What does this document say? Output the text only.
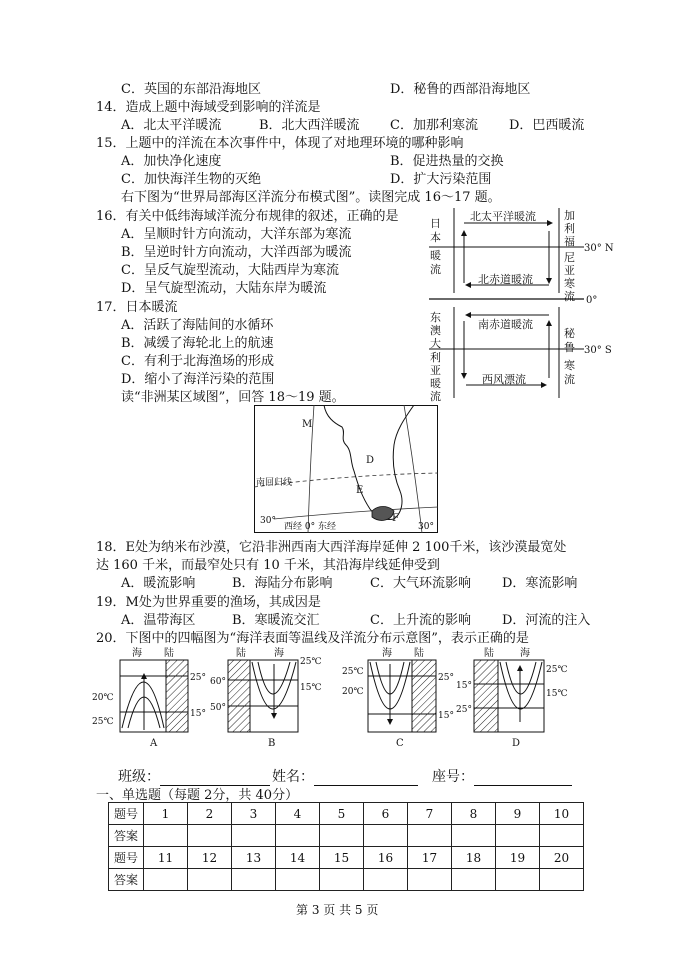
C．英国的东部沿海地区	D．秘鲁的西部沿海地区
14．造成上题中海域受到影响的洋流是
A．北太平洋暖流	B．北大西洋暖流 C．加那利寒流 D．巴西暖流
15．上题中的洋流在本次事件中，体现了对地理环境的哪种影响
A．加快净化速度	B．促进热量的交换
C．加快海洋生物的灭绝	D．扩大污染范围
右下图为“世界局部海区洋流分布模式图”。读图完成 16～17 题。
16．有关中低纬海域洋流分布规律的叙述，正确的是
A．呈顺时针方向流动，大洋东部为寒流
B．呈逆时针方向流动，大洋西部为暖流
C．呈反气旋型流动，大陆西岸为寒流
D．呈气旋型流动，大陆东岸为暖流
17．日本暖流
A．活跃了海陆间的水循环
B．减缓了海轮北上的航速
C．有利于北海渔场的形成
D．缩小了海洋污染的范围
读“非洲某区域图”，回答 18～19 题。
北太平洋暖流
北赤道暖流
南赤道暖流
西风漂流
日
本
暖
流
加
利
福
尼
亚
寒
流
东
澳
大
利
亚
暖
流
秘
鲁
寒
流
30° N
0°
30° S
M
D
E
F
南回归线
30°
西经 0° 东经	30°
18．E处为纳米布沙漠，它沿非洲西南大西洋海岸延伸 2 100千米，该沙漠最宽处
达 160 千米，而最窄处只有 10 千米，其沿海岸线延伸受到
A．暖流影响	B．海陆分布影响	C．大气环流影响 D．寒流影响
19．M处为世界重要的渔场，其成因是
A．温带海区	B．寒暖流交汇	C．上升流的影响 D．河流的注入
20．下图中的四幅图为“海洋表面等温线及洋流分布示意图”，表示正确的是
海 陆
20℃
25℃
25°
15°
A
陆	海
25℃
15℃
60°
50°
B
海 陆
25℃
20℃
25°
15°
C
陆	海
25℃
15℃
15°
25°
D
班级：	姓名：	座号：
一、单选题（每题 2分，共 40分）
题号	1	2	3	4	5	6	7	8	9	10
答案										
题号	11	12	13	14	15	16	17	18	19	20
答案										
第 3 页 共 5 页
